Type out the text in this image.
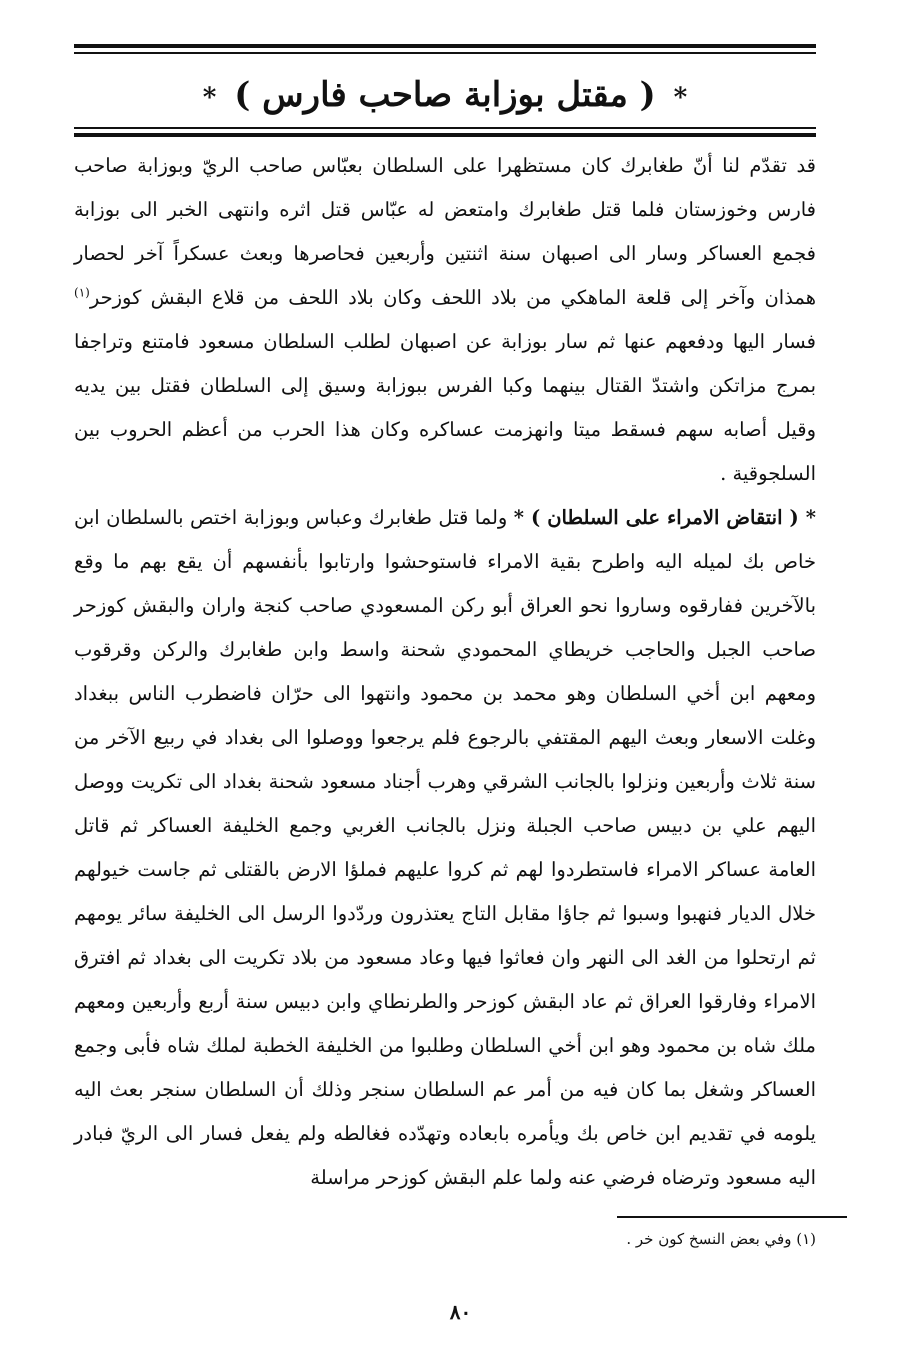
* ( مقتل بوزابة صاحب فارس ) *

قد تقدّم لنا أنّ طغابرك كان مستظهرا على السلطان بعبّاس صاحب الريّ وبوزابة صاحب فارس وخوزستان فلما قتل طغابرك وامتعض له عبّاس قتل اثره وانتهى الخبر الى بوزابة فجمع العساكر وسار الى اصبهان سنة اثنتين وأربعين فحاصرها وبعث عسكراً آخر لحصار همذان وآخر إلى قلعة الماهكي من بلاد اللحف وكان بلاد اللحف من قلاع البقش كوزحر$^{(١)}$ فسار اليها ودفعهم عنها ثم سار بوزابة عن اصبهان لطلب السلطان مسعود فامتنع وتراجفا بمرج مزاتكن واشتدّ القتال بينهما وكبا الفرس ببوزابة وسيق إلى السلطان فقتل بين يديه وقيل أصابه سهم فسقط ميتا وانهزمت عساكره وكان هذا الحرب من أعظم الحروب بين السلجوقية .

* ( انتقاض الامراء على السلطان ) * ولما قتل طغابرك وعباس وبوزابة اختص بالسلطان ابن خاص بك لميله اليه واطرح بقية الامراء فاستوحشوا وارتابوا بأنفسهم أن يقع بهم ما وقع بالآخرين ففارقوه وساروا نحو العراق أبو ركن المسعودي صاحب كنجة واران والبقش كوزحر صاحب الجبل والحاجب خريطاي المحمودي شحنة واسط وابن طغابرك والركن وقرقوب ومعهم ابن أخي السلطان وهو محمد بن محمود وانتهوا الى حرّان فاضطرب الناس ببغداد وغلت الاسعار وبعث اليهم المقتفي بالرجوع فلم يرجعوا ووصلوا الى بغداد في ربيع الآخر من سنة ثلاث وأربعين ونزلوا بالجانب الشرقي وهرب أجناد مسعود شحنة بغداد الى تكريت ووصل اليهم علي بن دبيس صاحب الجبلة ونزل بالجانب الغربي وجمع الخليفة العساكر ثم قاتل العامة عساكر الامراء فاستطردوا لهم ثم كروا عليهم فملؤا الارض بالقتلى ثم جاست خيولهم خلال الديار فنهبوا وسبوا ثم جاؤا مقابل التاج يعتذرون وردّدوا الرسل الى الخليفة سائر يومهم ثم ارتحلوا من الغد الى النهر وان فعاثوا فيها وعاد مسعود من بلاد تكريت الى بغداد ثم افترق الامراء وفارقوا العراق ثم عاد البقش كوزحر والطرنطاي وابن دبيس سنة أربع وأربعين ومعهم ملك شاه بن محمود وهو ابن أخي السلطان وطلبوا من الخليفة الخطبة لملك شاه فأبى وجمع العساكر وشغل بما كان فيه من أمر عم السلطان سنجر وذلك أن السلطان سنجر بعث اليه يلومه في تقديم ابن خاص بك ويأمره بابعاده وتهدّده فغالطه ولم يفعل فسار الى الريّ فبادر اليه مسعود وترضاه فرضي عنه ولما علم البقش كوزحر مراسلة

(١) وفي بعض النسخ كون خر .
٨٠
